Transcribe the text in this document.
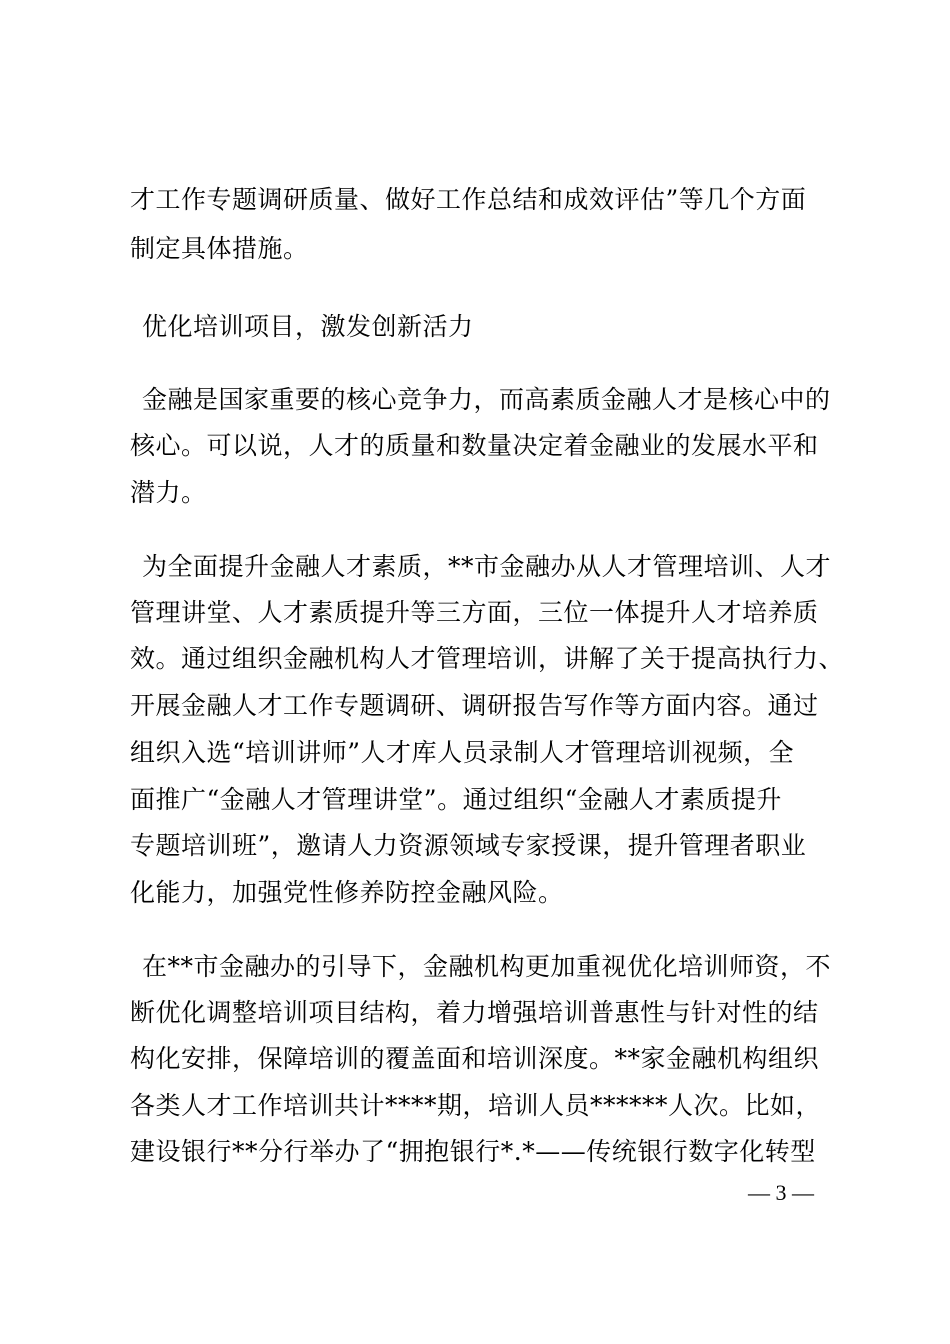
才工作专题调研质量、做好工作总结和成效评估”等几个方面
制定具体措施。
优化培训项目，激发创新活力
金融是国家重要的核心竞争力，而高素质金融人才是核心中的
核心。可以说，人才的质量和数量决定着金融业的发展水平和
潜力。
为全面提升金融人才素质，**市金融办从人才管理培训、人才
管理讲堂、人才素质提升等三方面，三位一体提升人才培养质
效。通过组织金融机构人才管理培训，讲解了关于提高执行力、
开展金融人才工作专题调研、调研报告写作等方面内容。通过
组织入选“培训讲师”人才库人员录制人才管理培训视频，全
面推广“金融人才管理讲堂”。通过组织“金融人才素质提升
专题培训班”，邀请人力资源领域专家授课，提升管理者职业
化能力，加强党性修养防控金融风险。
在**市金融办的引导下，金融机构更加重视优化培训师资，不
断优化调整培训项目结构，着力增强培训普惠性与针对性的结
构化安排，保障培训的覆盖面和培训深度。**家金融机构组织
各类人才工作培训共计****期，培训人员******人次。比如，
建设银行**分行举办了“拥抱银行*.*——传统银行数字化转型
— 3 —
